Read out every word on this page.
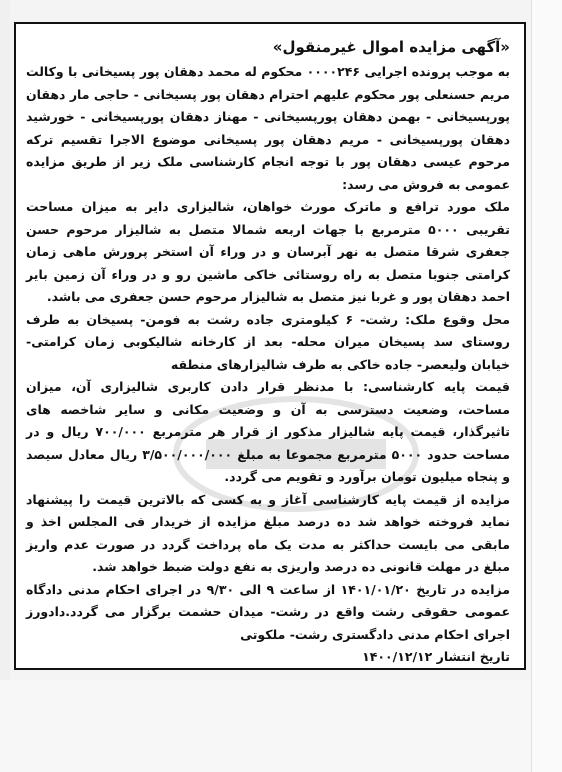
«آگهی مزایده اموال غیرمنقول»

به موجب پرونده اجرایی ۰۰۰۰۲۴۶ محکوم له محمد دهقان پور پسیخانی با وکالت مریم حسنعلی پور محکوم علیهم احترام دهقان پور پسیخانی - حاجی مار دهقان پورپسیخانی - بهمن دهقان پورپسیخانی - مهناز دهقان پورپسیخانی - خورشید دهقان پورپسیخانی - مریم دهقان پور پسیخانی موضوع الاجرا تقسیم ترکه مرحوم عیسی دهقان پور با توجه انجام کارشناسی ملک زیر از طریق مزایده عمومی به فروش می رسد:

ملک مورد ترافع و ماترک مورث خواهان، شالیزاری دایر به میزان مساحت تقریبی ۵۰۰۰ مترمربع با جهات اربعه شمالا متصل به شالیزار مرحوم حسن جعفری شرقا متصل به نهر آبرسان و در وراء آن استخر پرورش ماهی زمان کرامتی جنوبا متصل به راه روستائی خاکی ماشین رو و در وراء آن زمین بایر احمد دهقان پور و غربا نیز متصل به شالیزار مرحوم حسن جعفری می باشد.

محل وقوع ملک: رشت- ۶ کیلومتری جاده رشت به فومن- پسیخان به طرف روستای سد پسیخان میران محله- بعد از کارخانه شالیکوبی زمان کرامتی- خیابان ولیعصر- جاده خاکی به طرف شالیزارهای منطقه

قیمت پایه کارشناسی: با مدنظر قرار دادن کاربری شالیزاری آن، میزان مساحت، وضعیت دسترسی به آن و وضعیت مکانی و سایر شاخصه های تاثیرگذار، قیمت پایه شالیزار مذکور از قرار هر مترمربع ۷۰۰/۰۰۰ ریال و در مساحت حدود ۵۰۰۰ مترمربع مجموعا به مبلغ ۳/۵۰۰/۰۰۰/۰۰۰ ریال معادل سیصد و پنجاه میلیون تومان برآورد و تقویم می گردد.

مزایده از قیمت پایه کارشناسی آغاز و به کسی که بالاترین قیمت را پیشنهاد نماید فروخته خواهد شد ده درصد مبلغ مزایده از خریدار فی المجلس اخذ و مابقی می بایست حداکثر به مدت یک ماه پرداخت گردد در صورت عدم واریز مبلغ در مهلت قانونی ده درصد واریزی به نفع دولت ضبط خواهد شد.

مزایده در تاریخ ۱۴۰۱/۰۱/۲۰ از ساعت ۹ الی ۹/۳۰ در اجرای احکام مدنی دادگاه عمومی حقوقی رشت واقع در رشت- میدان حشمت برگزار می گردد.دادورز اجرای احکام مدنی دادگستری رشت- ملکوتی

تاریخ انتشار ۱۴۰۰/۱۲/۱۲
